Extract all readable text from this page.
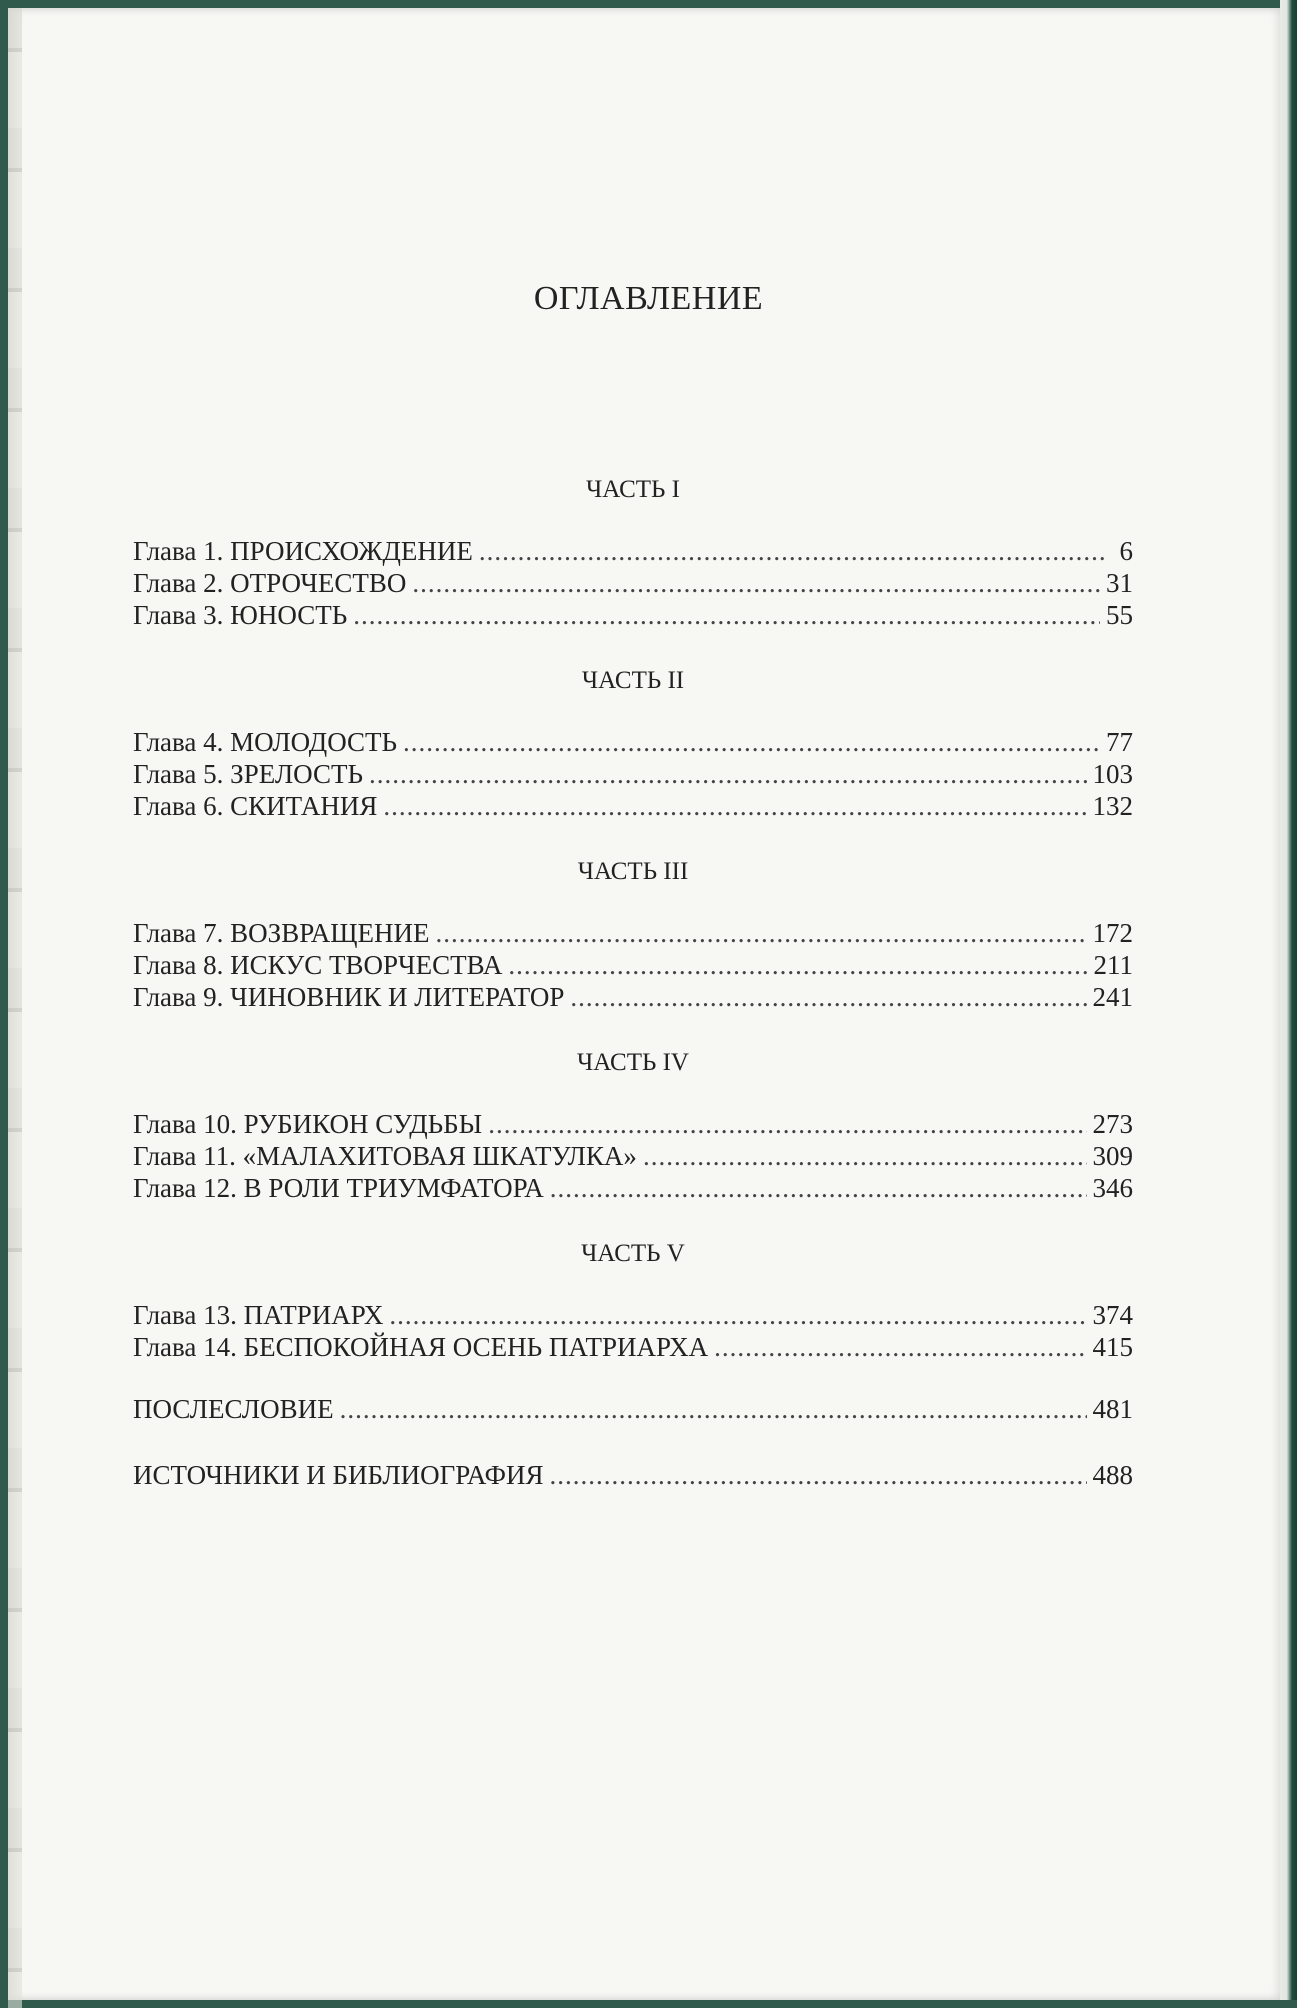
ОГЛАВЛЕНИЕ
ЧАСТЬ I
Глава 1. ПРОИСХОЖДЕНИЕ .....	6
Глава 2. ОТРОЧЕСТВО .....	31
Глава 3. ЮНОСТЬ .....	55
ЧАСТЬ II
Глава 4. МОЛОДОСТЬ .....	77
Глава 5. ЗРЕЛОСТЬ .....	103
Глава 6. СКИТАНИЯ .....	132
ЧАСТЬ III
Глава 7. ВОЗВРАЩЕНИЕ .....	172
Глава 8. ИСКУС ТВОРЧЕСТВА .....	211
Глава 9. ЧИНОВНИК И ЛИТЕРАТОР .....	241
ЧАСТЬ IV
Глава 10. РУБИКОН СУДЬБЫ .....	273
Глава 11. «МАЛАХИТОВАЯ ШКАТУЛКА» .....	309
Глава 12. В РОЛИ ТРИУМФАТОРА .....	346
ЧАСТЬ V
Глава 13. ПАТРИАРХ .....	374
Глава 14. БЕСПОКОЙНАЯ ОСЕНЬ ПАТРИАРХА .....	415
ПОСЛЕСЛОВИЕ .....	481
ИСТОЧНИКИ И БИБЛИОГРАФИЯ .....	488
